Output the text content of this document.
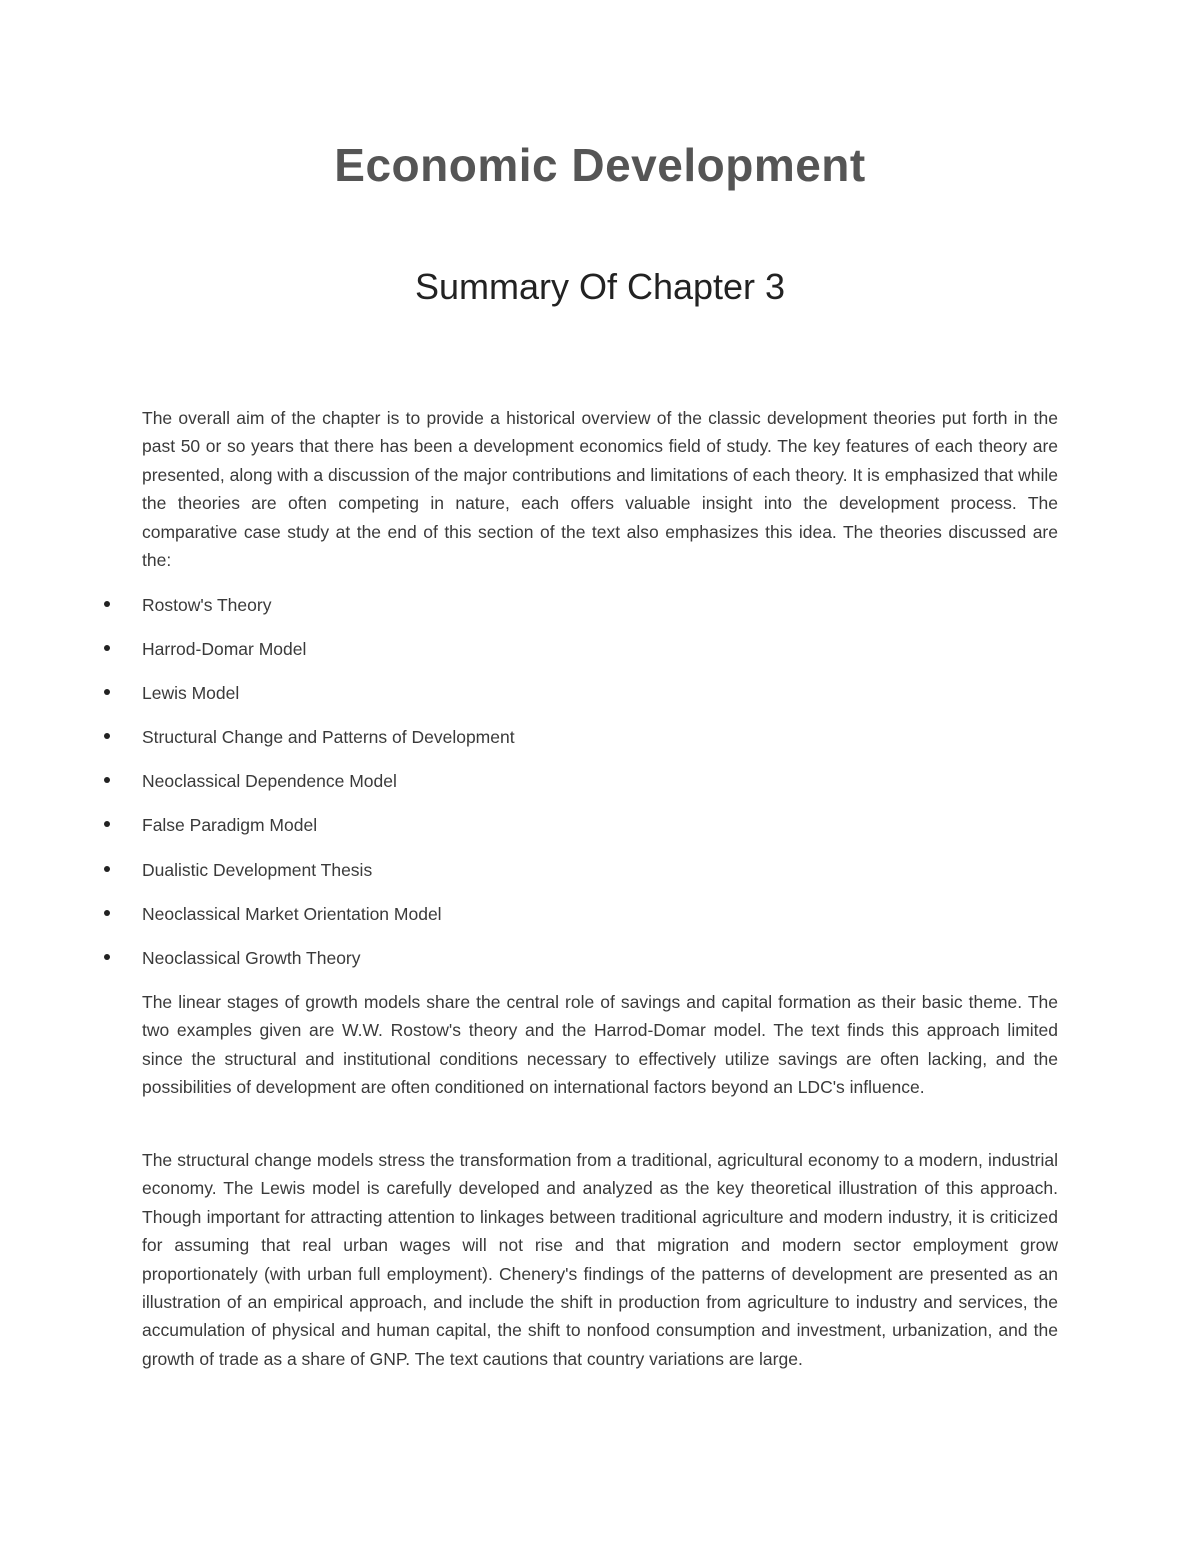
Economic Development
Summary Of Chapter 3

The overall aim of the chapter is to provide a historical overview of the classic development theories put forth in the past 50 or so years that there has been a development economics field of study. The key features of each theory are presented, along with a discussion of the major contributions and limitations of each theory. It is emphasized that while the theories are often competing in nature, each offers valuable insight into the development process. The comparative case study at the end of this section of the text also emphasizes this idea. The theories discussed are the:

Rostow's Theory
Harrod-Domar Model
Lewis Model
Structural Change and Patterns of Development
Neoclassical Dependence Model
False Paradigm Model
Dualistic Development Thesis
Neoclassical Market Orientation Model
Neoclassical Growth Theory

The linear stages of growth models share the central role of savings and capital formation as their basic theme. The two examples given are W.W. Rostow's theory and the Harrod-Domar model. The text finds this approach limited since the structural and institutional conditions necessary to effectively utilize savings are often lacking, and the possibilities of development are often conditioned on international factors beyond an LDC's influence.

The structural change models stress the transformation from a traditional, agricultural economy to a modern, industrial economy. The Lewis model is carefully developed and analyzed as the key theoretical illustration of this approach. Though important for attracting attention to linkages between traditional agriculture and modern industry, it is criticized for assuming that real urban wages will not rise and that migration and modern sector employment grow proportionately (with urban full employment). Chenery's findings of the patterns of development are presented as an illustration of an empirical approach, and include the shift in production from agriculture to industry and services, the accumulation of physical and human capital, the shift to nonfood consumption and investment, urbanization, and the growth of trade as a share of GNP. The text cautions that country variations are large.
